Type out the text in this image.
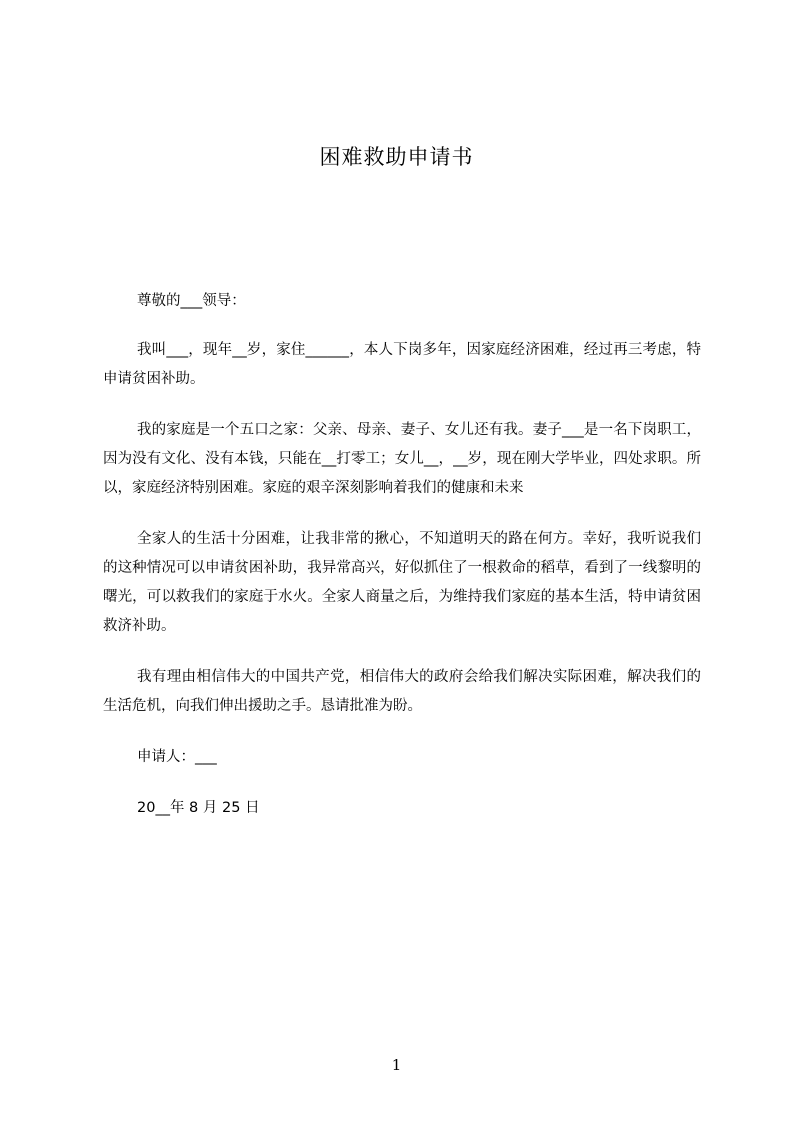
困难救助申请书

尊敬的___领导：

我叫___，现年__岁，家住______，本人下岗多年，因家庭经济困难，经过再三考虑，特申请贫困补助。

我的家庭是一个五口之家：父亲、母亲、妻子、女儿还有我。妻子___是一名下岗职工，因为没有文化、没有本钱，只能在__打零工；女儿__，__岁，现在刚大学毕业，四处求职。所以，家庭经济特别困难。家庭的艰辛深刻影响着我们的健康和未来

全家人的生活十分困难，让我非常的揪心，不知道明天的路在何方。幸好，我听说我们的这种情况可以申请贫困补助，我异常高兴，好似抓住了一根救命的稻草，看到了一线黎明的曙光，可以救我们的家庭于水火。全家人商量之后，为维持我们家庭的基本生活，特申请贫困救济补助。

我有理由相信伟大的中国共产党，相信伟大的政府会给我们解决实际困难，解决我们的生活危机，向我们伸出援助之手。恳请批准为盼。

申请人：___

20__年 8 月 25 日

1
